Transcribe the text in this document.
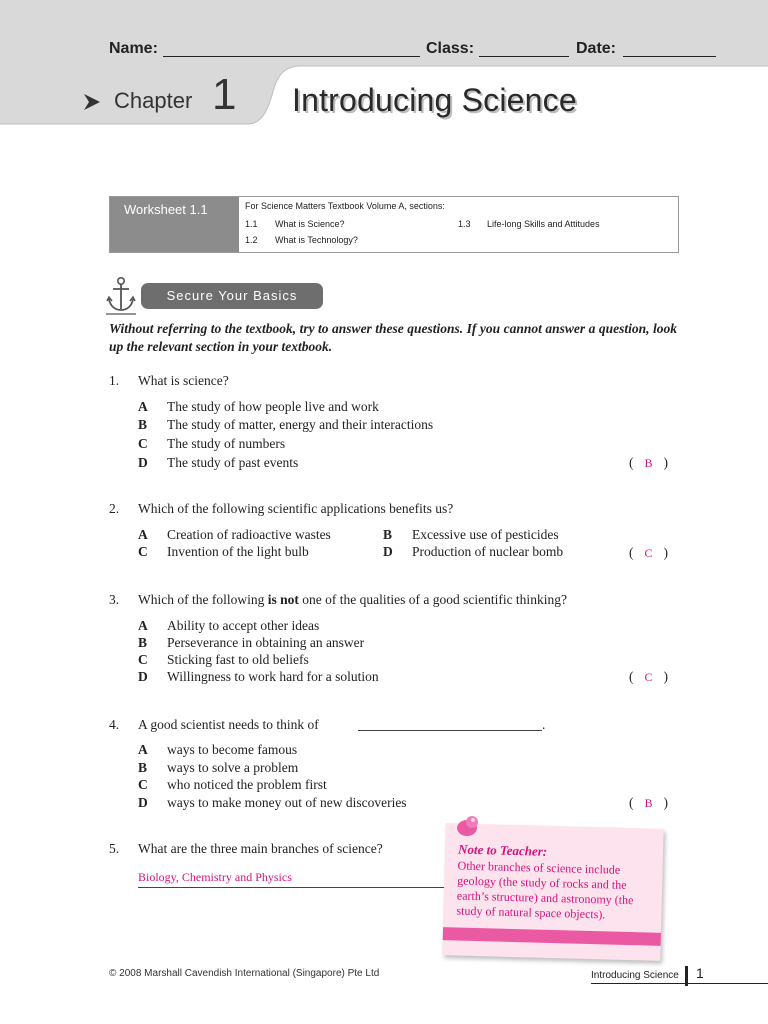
Name:	Class:	Date:
Chapter 1 Introducing Science
Worksheet 1.1	For Science Matters Textbook Volume A, sections:
1.1 What is Science?	1.3 Life-long Skills and Attitudes
1.2 What is Technology?
Secure Your Basics

Without referring to the textbook, try to answer these questions. If you cannot answer a question, look up the relevant section in your textbook.

1. What is science?
A The study of how people live and work
B The study of matter, energy and their interactions
C The study of numbers
D The study of past events	( B )
2. Which of the following scientific applications benefits us?
A Creation of radioactive wastes	B Excessive use of pesticides
C Invention of the light bulb	D Production of nuclear bomb	( C )
3. Which of the following is not one of the qualities of a good scientific thinking?
A Ability to accept other ideas
B Perseverance in obtaining an answer
C Sticking fast to old beliefs
D Willingness to work hard for a solution	( C )
4. A good scientist needs to think of	.
A ways to become famous
B ways to solve a problem
C who noticed the problem first
D ways to make money out of new discoveries	( B )
5. What are the three main branches of science?
Biology, Chemistry and Physics
Note to Teacher:
Other branches of science include geology (the study of rocks and the earth’s structure) and astronomy (the study of natural space objects).
© 2008 Marshall Cavendish International (Singapore) Pte Ltd	Introducing Science 1
